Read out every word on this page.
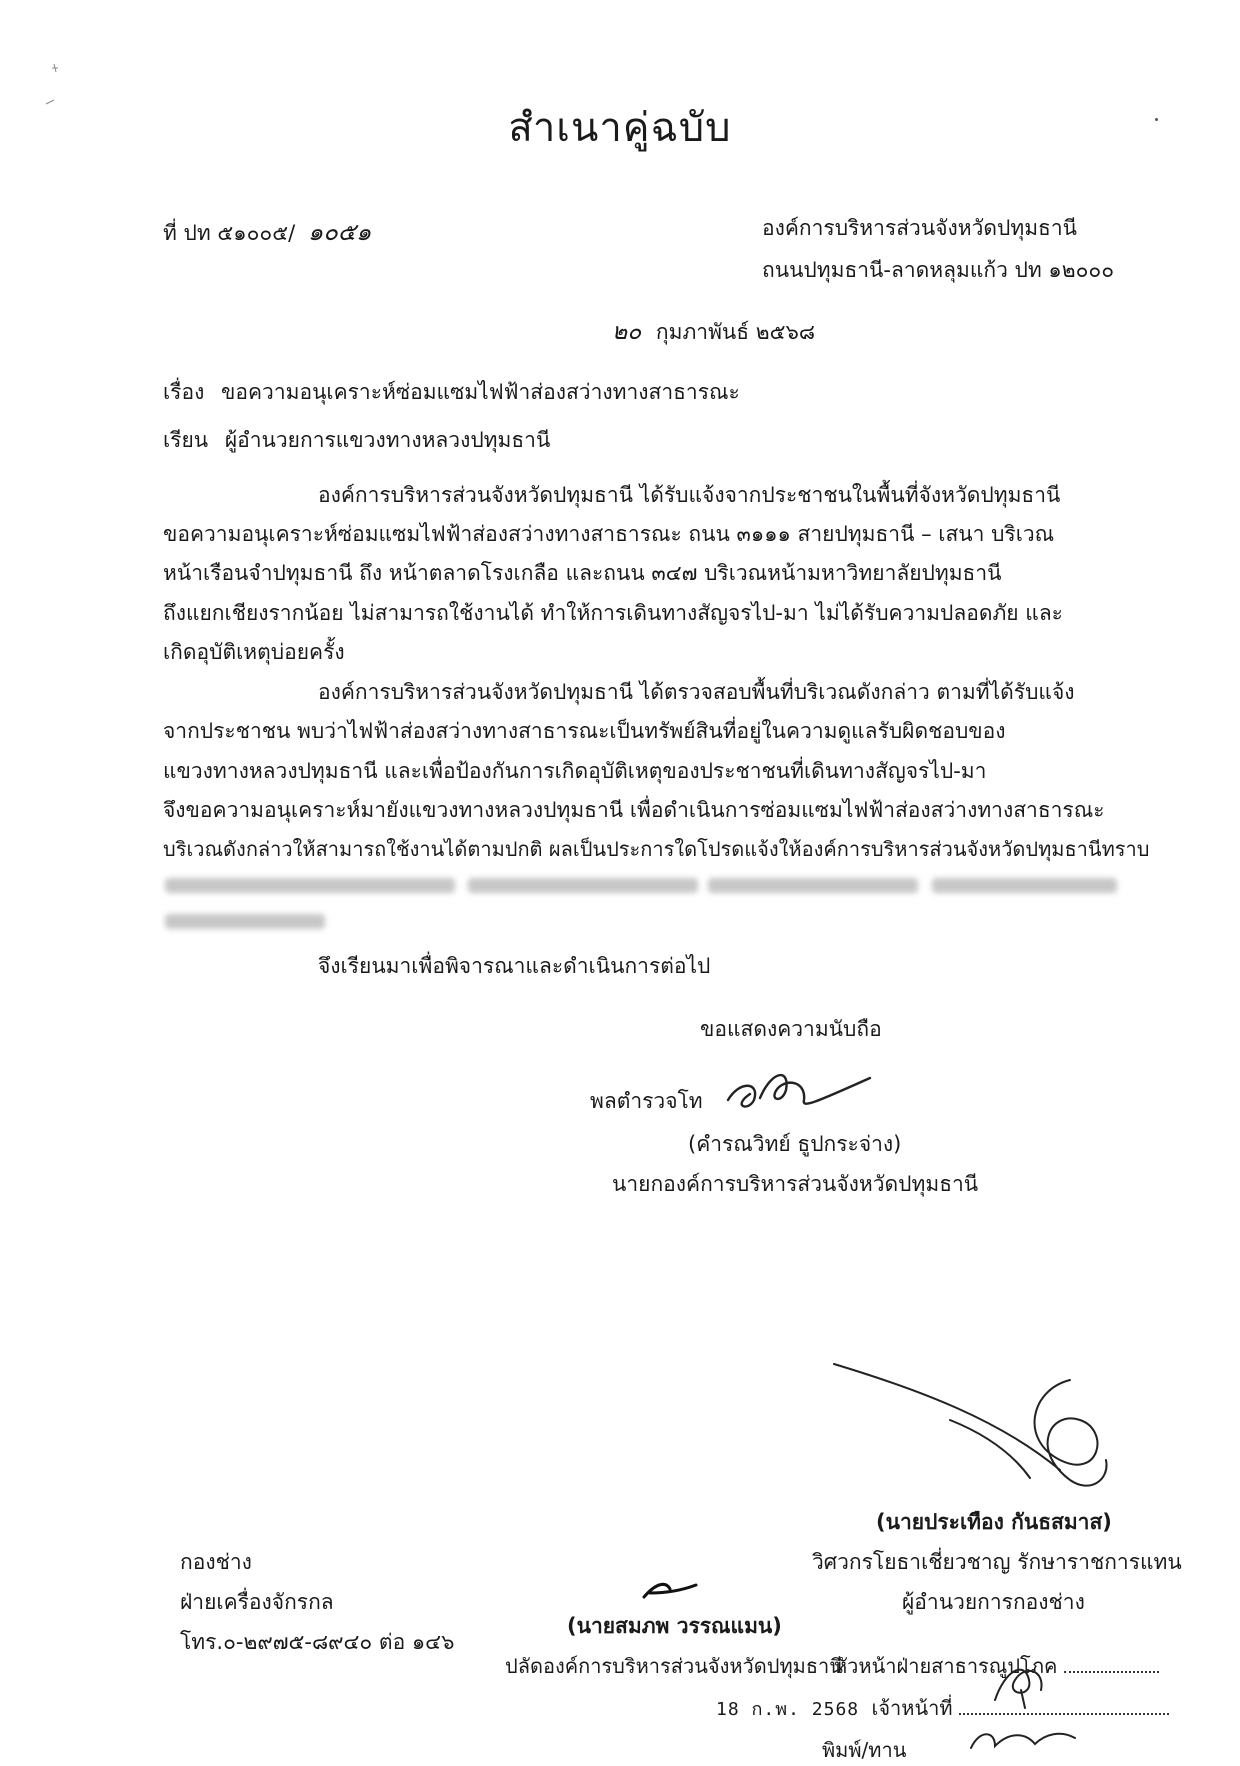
สำเนาคู่ฉบับ
ที่ ปท ๕๑๐๐๕/ ๑๐๕๑	องค์การบริหารส่วนจังหวัดปทุมธานี
ถนนปทุมธานี-ลาดหลุมแก้ว ปท ๑๒๐๐๐
๒๐ กุมภาพันธ์ ๒๕๖๘
เรื่อง ขอความอนุเคราะห์ซ่อมแซมไฟฟ้าส่องสว่างทางสาธารณะ
เรียน ผู้อำนวยการแขวงทางหลวงปทุมธานี
องค์การบริหารส่วนจังหวัดปทุมธานี ได้รับแจ้งจากประชาชนในพื้นที่จังหวัดปทุมธานี
ขอความอนุเคราะห์ซ่อมแซมไฟฟ้าส่องสว่างทางสาธารณะ ถนน ๓๑๑๑ สายปทุมธานี – เสนา บริเวณ
หน้าเรือนจำปทุมธานี ถึง หน้าตลาดโรงเกลือ และถนน ๓๔๗ บริเวณหน้ามหาวิทยาลัยปทุมธานี
ถึงแยกเชียงรากน้อย ไม่สามารถใช้งานได้ ทำให้การเดินทางสัญจรไป-มา ไม่ได้รับความปลอดภัย และ
เกิดอุบัติเหตุบ่อยครั้ง
องค์การบริหารส่วนจังหวัดปทุมธานี ได้ตรวจสอบพื้นที่บริเวณดังกล่าว ตามที่ได้รับแจ้ง
จากประชาชน พบว่าไฟฟ้าส่องสว่างทางสาธารณะเป็นทรัพย์สินที่อยู่ในความดูแลรับผิดชอบของ
แขวงทางหลวงปทุมธานี และเพื่อป้องกันการเกิดอุบัติเหตุของประชาชนที่เดินทางสัญจรไป-มา
จึงขอความอนุเคราะห์มายังแขวงทางหลวงปทุมธานี เพื่อดำเนินการซ่อมแซมไฟฟ้าส่องสว่างทางสาธารณะ
บริเวณดังกล่าวให้สามารถใช้งานได้ตามปกติ ผลเป็นประการใดโปรดแจ้งให้องค์การบริหารส่วนจังหวัดปทุมธานีทราบ
จึงเรียนมาเพื่อพิจารณาและดำเนินการต่อไป
ขอแสดงความนับถือ
พลตำรวจโท
(คำรณวิทย์ ธูปกระจ่าง)
นายกองค์การบริหารส่วนจังหวัดปทุมธานี
(นายประเทือง กันธสมาส)
วิศวกรโยธาเชี่ยวชาญ รักษาราชการแทน
ผู้อำนวยการกองช่าง
กองช่าง
ฝ่ายเครื่องจักรกล
โทร.๐-๒๙๗๕-๘๙๔๐ ต่อ ๑๔๖
(นายสมภพ วรรณแมน)
ปลัดองค์การบริหารส่วนจังหวัดปทุมธานี
หัวหน้าฝ่ายสาธารณูปโภค
18 ก.พ. 2568 เจ้าหน้าที่
พิมพ์/ทาน
